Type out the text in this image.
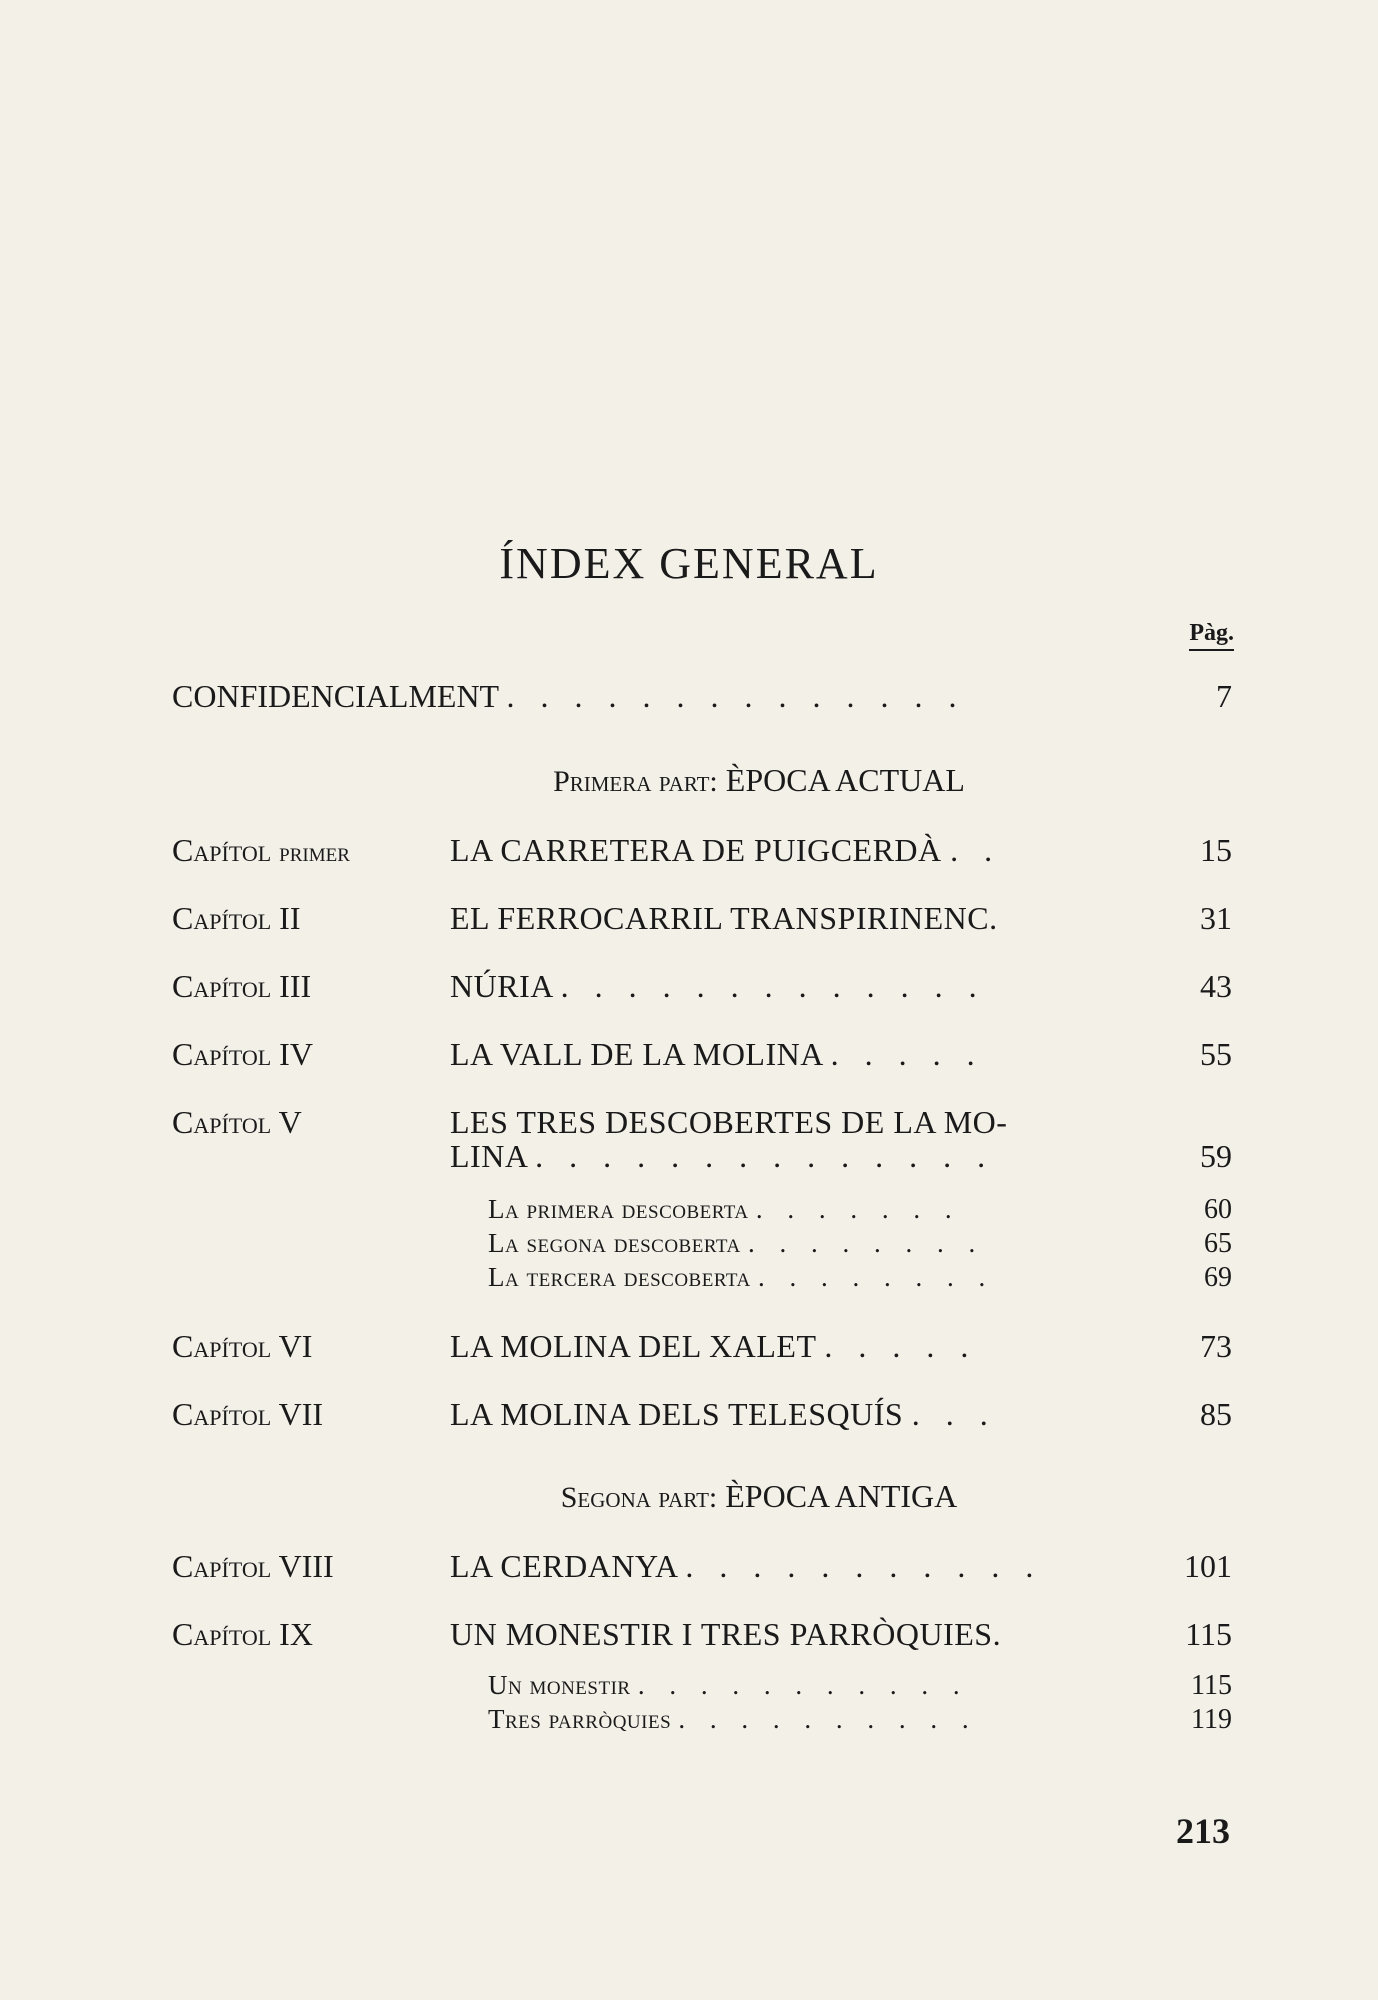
ÍNDEX GENERAL
Pàg.
CONFIDENCIALMENT . . . . . . . . . . . . . .	7
Primera part: ÈPOCA ACTUAL
Capítol primer	LA CARRETERA DE PUIGCERDÀ . .	15
Capítol II	EL FERROCARRIL TRANSPIRINENC.	31
Capítol III	NÚRIA . . . . . . . . . . . . .	43
Capítol IV	LA VALL DE LA MOLINA . . . . .	55
Capítol V	LES TRES DESCOBERTES DE LA MO-
LINA . . . . . . . . . . . . . .	59
La primera descoberta . . . . . . .	60
La segona descoberta . . . . . . . .	65
La tercera descoberta . . . . . . . .	69
Capítol VI	LA MOLINA DEL XALET . . . . .	73
Capítol VII	LA MOLINA DELS TELESQUÍS . . .	85
Segona part: ÈPOCA ANTIGA
Capítol VIII	LA CERDANYA . . . . . . . . . . .	101
Capítol IX	UN MONESTIR I TRES PARRÒQUIES.	115
Un monestir . . . . . . . . . . .	115
Tres parròquies . . . . . . . . . .	119
213
